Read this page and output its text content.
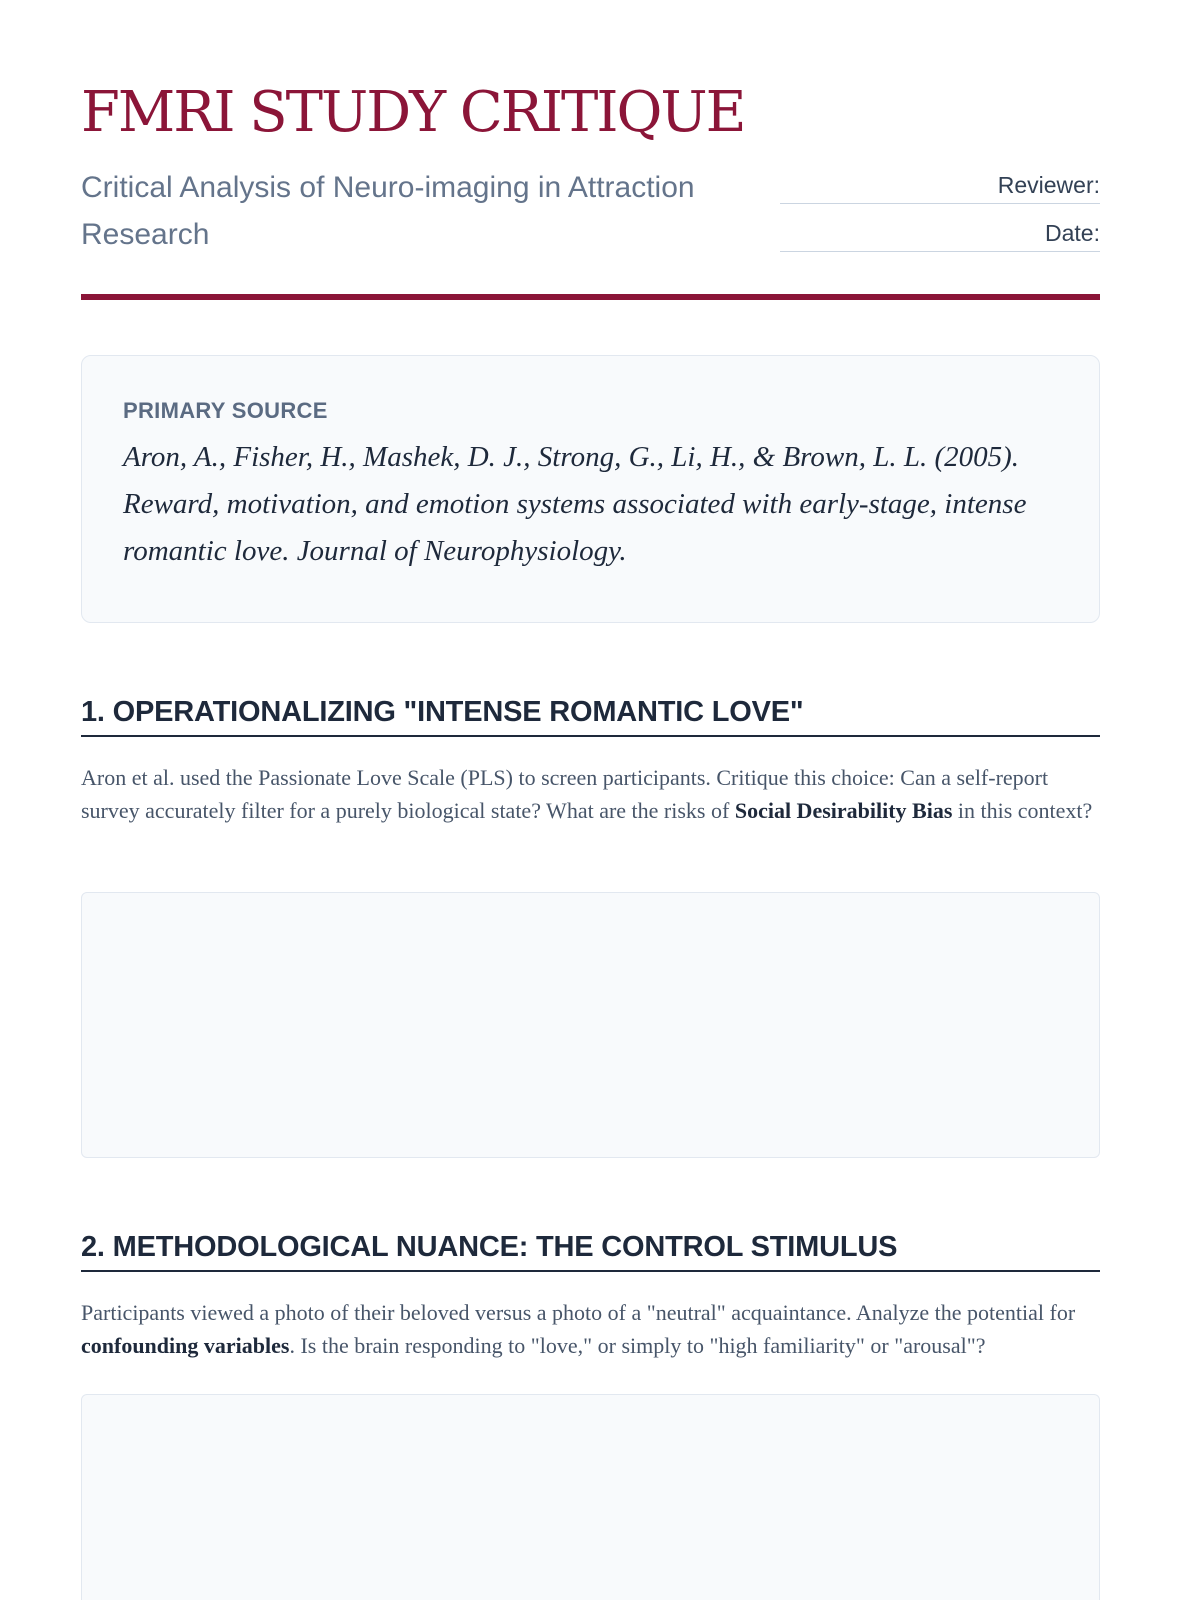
FMRI STUDY CRITIQUE

Critical Analysis of Neuro-imaging in Attraction Research

Reviewer:
Date:
PRIMARY SOURCE

Aron, A., Fisher, H., Mashek, D. J., Strong, G., Li, H., & Brown, L. L. (2005). Reward, motivation, and emotion systems associated with early-stage, intense romantic love. Journal of Neurophysiology.

1. OPERATIONALIZING "INTENSE ROMANTIC LOVE"

Aron et al. used the Passionate Love Scale (PLS) to screen participants. Critique this choice: Can a self-report survey accurately filter for a purely biological state? What are the risks of Social Desirability Bias in this context?

2. METHODOLOGICAL NUANCE: THE CONTROL STIMULUS

Participants viewed a photo of their beloved versus a photo of a "neutral" acquaintance. Analyze the potential for confounding variables. Is the brain responding to "love," or simply to "high familiarity" or "arousal"?
